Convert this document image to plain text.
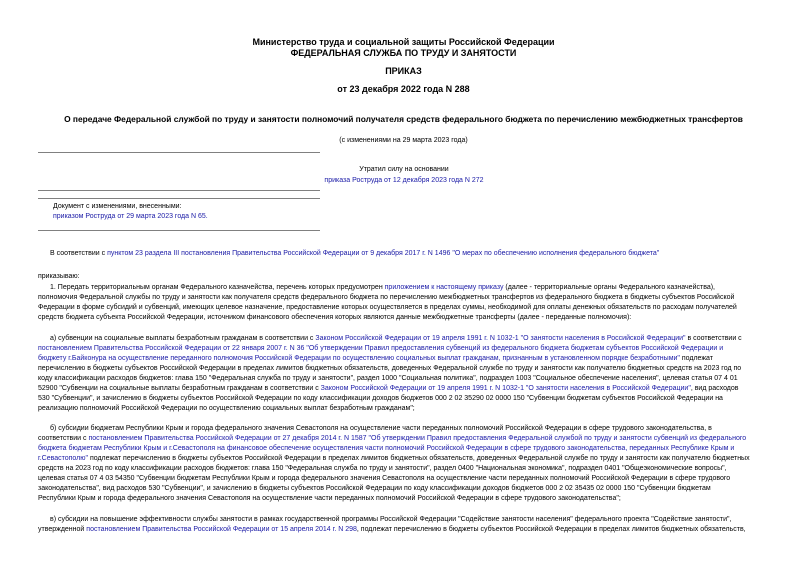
Министерство труда и социальной защиты Российской Федерации
ФЕДЕРАЛЬНАЯ СЛУЖБА ПО ТРУДУ И ЗАНЯТОСТИ
ПРИКАЗ
от 23 декабря 2022 года N 288
О передаче Федеральной службой по труду и занятости полномочий получателя средств федерального бюджета по перечислению межбюджетных трансфертов
(с изменениями на 29 марта 2023 года)
Утратил силу на основании
приказа Роструда от 12 декабря 2023 года N 272
Документ с изменениями, внесенными:
приказом Роструда от 29 марта 2023 года N 65.
В соответствии с пунктом 23 раздела III постановления Правительства Российской Федерации от 9 декабря 2017 г. N 1496 "О мерах по обеспечению исполнения федерального бюджета"
приказываю:
1. Передать территориальным органам Федерального казначейства, перечень которых предусмотрен приложением к настоящему приказу (далее - территориальные органы Федерального казначейства),
полномочия Федеральной службы по труду и занятости как получателя средств федерального бюджета по перечислению межбюджетных трансфертов из федерального бюджета в бюджеты субъектов Российской
Федерации в форме субсидий и субвенций, имеющих целевое назначение, предоставление которых осуществляется в пределах суммы, необходимой для оплаты денежных обязательств по расходам получателей
средств бюджета субъекта Российской Федерации, источником финансового обеспечения которых являются данные межбюджетные трансферты (далее - переданные полномочия):
а) субвенции на социальные выплаты безработным гражданам в соответствии с Законом Российской Федерации от 19 апреля 1991 г. N 1032-1 "О занятости населения в Российской Федерации" в соответствии с
постановлением Правительства Российской Федерации от 22 января 2007 г. N 36 "Об утверждении Правил предоставления субвенций из федерального бюджета бюджетам субъектов Российской Федерации и
бюджету г.Байконура на осуществление переданного полномочия Российской Федерации по осуществлению социальных выплат гражданам, признанным в установленном порядке безработными" подлежат
перечислению в бюджеты субъектов Российской Федерации в пределах лимитов бюджетных обязательств, доведенных Федеральной службе по труду и занятости как получателю бюджетных средств на 2023 год по
коду классификации расходов бюджетов: глава 150 "Федеральная служба по труду и занятости", раздел 1000 "Социальная политика", подраздел 1003 "Социальное обеспечение населения", целевая статья 07 4 01
52900 "Субвенции на социальные выплаты безработным гражданам в соответствии с Законом Российской Федерации от 19 апреля 1991 г. N 1032-1 "О занятости населения в Российской Федерации", вид расходов
530 "Субвенции", и зачислению в бюджеты субъектов Российской Федерации по коду классификации доходов бюджетов 000 2 02 35290 02 0000 150 "Субвенции бюджетам субъектов Российской Федерации на
реализацию полномочий Российской Федерации по осуществлению социальных выплат безработным гражданам";
б) субсидии бюджетам Республики Крым и города федерального значения Севастополя на осуществление части переданных полномочий Российской Федерации в сфере трудового законодательства, в
соответствии с постановлением Правительства Российской Федерации от 27 декабря 2014 г. N 1587 "Об утверждении Правил предоставления Федеральной службой по труду и занятости субвенций из федерального
бюджета бюджетам Республики Крым и г.Севастополя на финансовое обеспечение осуществления части полномочий Российской Федерации в сфере трудового законодательства, переданных Республике Крым и
г.Севастополю" подлежат перечислению в бюджеты субъектов Российской Федерации в пределах лимитов бюджетных обязательств, доведенных Федеральной службе по труду и занятости как получателю бюджетных
средств на 2023 год по коду классификации расходов бюджетов: глава 150 "Федеральная служба по труду и занятости", раздел 0400 "Национальная экономика", подраздел 0401 "Общеэкономические вопросы",
целевая статья 07 4 03 54350 "Субвенции бюджетам Республики Крым и города федерального значения Севастополя на осуществление части переданных полномочий Российской Федерации в сфере трудового
законодательства", вид расходов 530 "Субвенции", и зачислению в бюджеты субъектов Российской Федерации по коду классификации доходов бюджетов 000 2 02 35435 02 0000 150 "Субвенции бюджетам
Республики Крым и города федерального значения Севастополя на осуществление части переданных полномочий Российской Федерации в сфере трудового законодательства";
в) субсидии на повышение эффективности службы занятости в рамках государственной программы Российской Федерации "Содействие занятости населения" федерального проекта "Содействие занятости",
утвержденной постановлением Правительства Российской Федерации от 15 апреля 2014 г. N 298, подлежат перечислению в бюджеты субъектов Российской Федерации в пределах лимитов бюджетных обязательств,
